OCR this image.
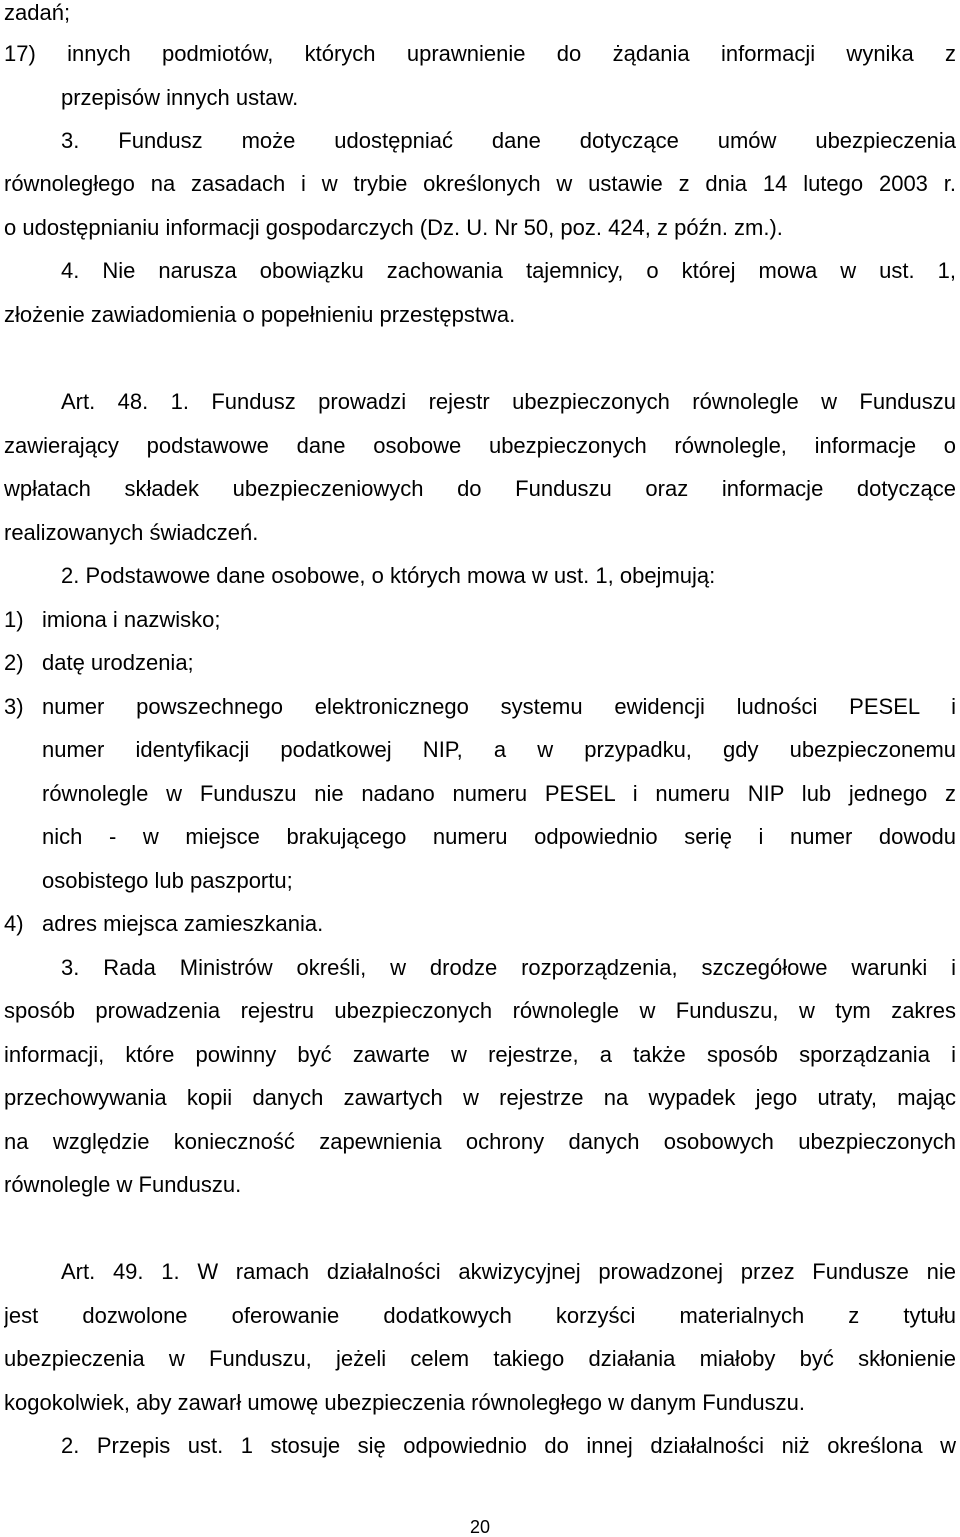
zadań;
17) innych podmiotów, których uprawnienie do żądania informacji wynika z
przepisów innych ustaw.
3. Fundusz może udostępniać dane dotyczące umów ubezpieczenia
równoległego na zasadach i w trybie określonych w ustawie z dnia 14 lutego 2003 r.
o udostępnianiu informacji gospodarczych (Dz. U. Nr 50, poz. 424, z późn. zm.).
4. Nie narusza obowiązku zachowania tajemnicy, o której mowa w ust. 1,
złożenie zawiadomienia o popełnieniu przestępstwa.
Art. 48. 1. Fundusz prowadzi rejestr ubezpieczonych równolegle w Funduszu
zawierający podstawowe dane osobowe ubezpieczonych równolegle, informacje o
wpłatach składek ubezpieczeniowych do Funduszu oraz informacje dotyczące
realizowanych świadczeń.
2. Podstawowe dane osobowe, o których mowa w ust. 1, obejmują:
1) imiona i nazwisko;
2) datę urodzenia;
3) numer powszechnego elektronicznego systemu ewidencji ludności PESEL i
numer identyfikacji podatkowej NIP, a w przypadku, gdy ubezpieczonemu
równolegle w Funduszu nie nadano numeru PESEL i numeru NIP lub jednego z
nich - w miejsce brakującego numeru odpowiednio serię i numer dowodu
osobistego lub paszportu;
4) adres miejsca zamieszkania.
3. Rada Ministrów określi, w drodze rozporządzenia, szczegółowe warunki i
sposób prowadzenia rejestru ubezpieczonych równolegle w Funduszu, w tym zakres
informacji, które powinny być zawarte w rejestrze, a także sposób sporządzania i
przechowywania kopii danych zawartych w rejestrze na wypadek jego utraty, mając
na względzie konieczność zapewnienia ochrony danych osobowych ubezpieczonych
równolegle w Funduszu.
Art. 49. 1. W ramach działalności akwizycyjnej prowadzonej przez Fundusze nie
jest dozwolone oferowanie dodatkowych korzyści materialnych z tytułu
ubezpieczenia w Funduszu, jeżeli celem takiego działania miałoby być skłonienie
kogokolwiek, aby zawarł umowę ubezpieczenia równoległego w danym Funduszu.
2. Przepis ust. 1 stosuje się odpowiednio do innej działalności niż określona w
20
